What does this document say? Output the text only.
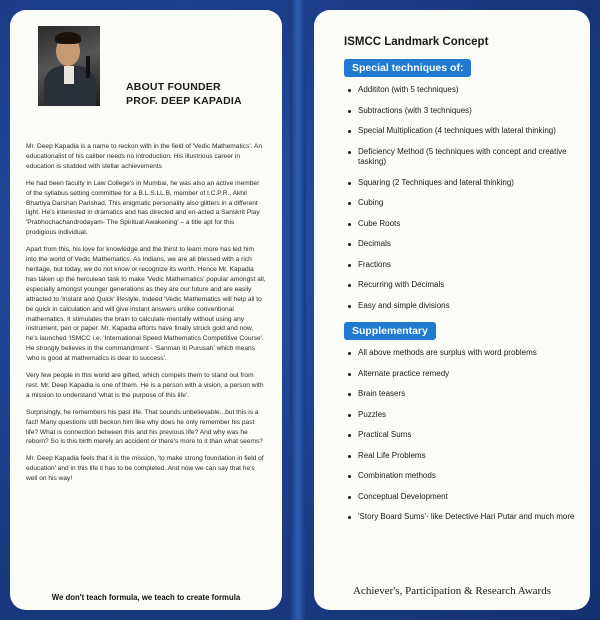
ABOUT FOUNDER
PROF. DEEP KAPADIA

Mr. Deep Kapadia is a name to reckon with in the field of 'Vedic Mathematics'. An educationalist of his caliber needs no introduction. His illustrious career in education is studded with stellar achievements

He had been faculty in Law College's in Mumbai, he was also an active member of the syllabus setting committee for a B.L.S.LL.B, member of I.C.P.R., Akhil Bhartiya Darshan Parishad. This enigmatic personality also glitters in a different light. He's interested in dramatics and has directed and en-acted a Sanskrit Play 'Prabhochachandrodayam- The Spiritual Awakening' – a title apt for this prodigious individual.

Apart from this, his love for knowledge and the thirst to learn more has led him into the world of Vedic Mathematics. As Indians, we are all blessed with a rich heritage, but today, we do not know or recognize its worth. Hence Mr. Kapadia has taken up the herculean task to make 'Vedic Mathematics' popular amongst all, especially amongst younger generations as they are our future and are easily attracted to 'Instant and Quick' lifestyle. Indeed 'Vedic Mathematics will help all to be quick in calculation and will give instant answers unlike conventional mathematics. It stimulates the brain to calculate mentally without using any instrument, pen or paper. Mr. Kapadia efforts have finally struck gold and now, he's launched 'ISMCC i.e. 'International Speed Mathematics Competitive Course'. He strongly believes in the commandment - 'Sanman iti Purusah' which means 'who is good at mathematics is dear to success'.

Very few people in this world are gifted, which compels them to stand out from rest. Mr. Deep Kapadia is one of them. He is a person with a vision, a person with a mission to understand 'what is the purpose of this life'.

Surprisingly, he remembers his past life. That sounds unbelievable...but this is a fact! Many questions still beckon him like why does he only remember his past life? What is connection between this and his previous life? And why was he reborn? So is this birth merely an accident or there's more to it than what seems?

Mr. Deep Kapadia feels that it is the mission, 'to make strong foundation in field of education' and in this life it has to be completed. And now we can say that he's well on his way!

We don't teach formula, we teach to create formula
ISMCC Landmark Concept
Special techniques of:
Addititon (with 5 techniques)
Subtractions (with 3 techniques)
Special Multiplication (4 techniques with lateral thinking)
Deficiency Method (5 techniques with concept and creative tasking)
Squaring (2 Techniques and lateral thinking)
Cubing
Cube Roots
Decimals
Fractions
Recurring with Decimals
Easy and simple divisions
Supplementary
All above methods are surplus with word problems
Alternate practice remedy
Brain teasers
Puzzles
Practical Sums
Real Life Problems
Combination methods
Conceptual Development
'Story Board Sums'- like Detective Hari Putar and much more
Achiever's, Participation & Research Awards
